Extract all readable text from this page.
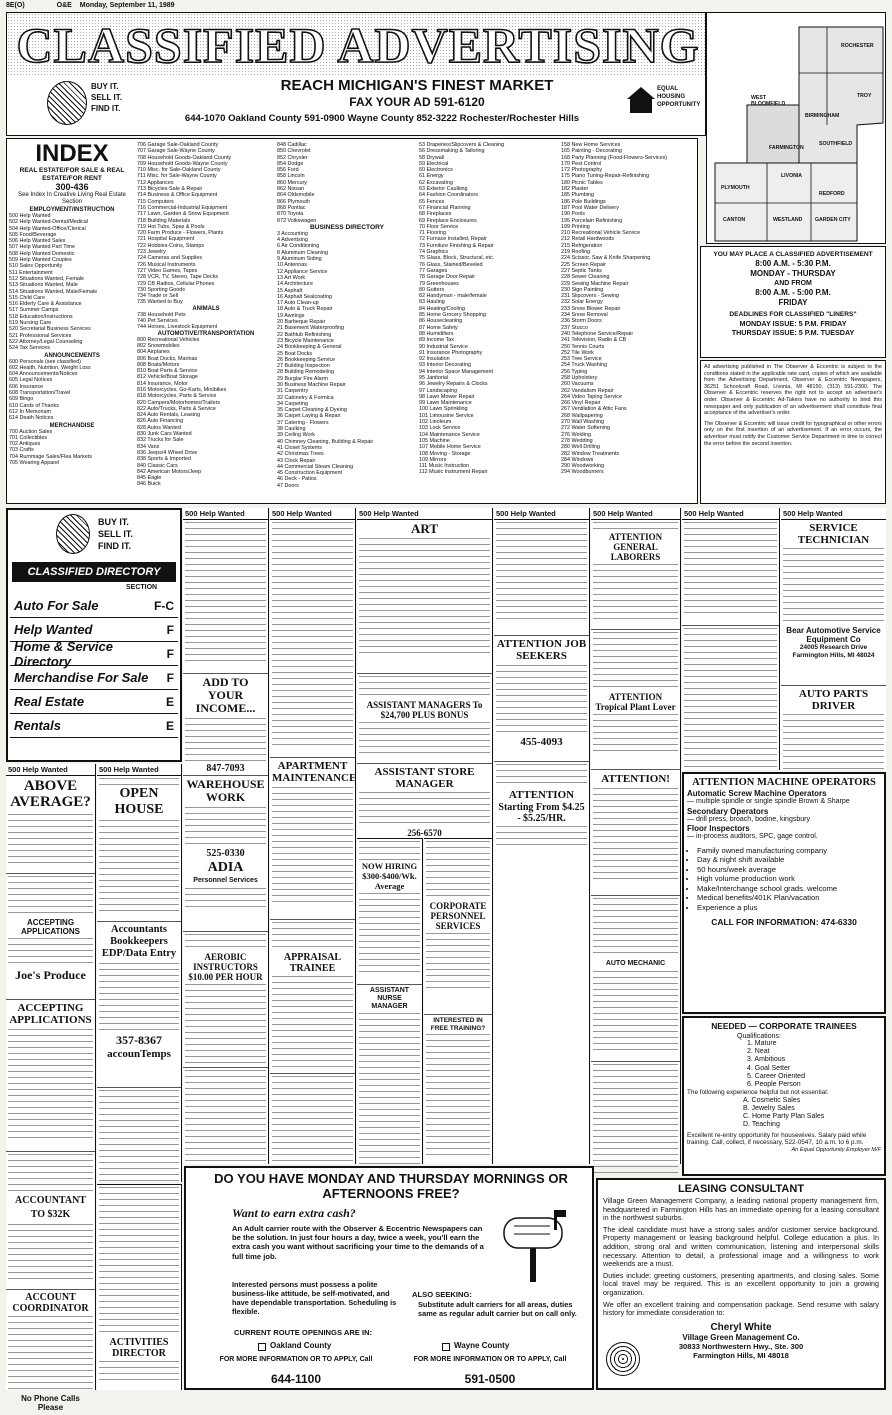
8E(O)	O&E Monday, September 11, 1989
CLASSIFIED ADVERTISING
BUY IT.
SELL IT.
FIND IT.
REACH MICHIGAN'S FINEST MARKET
FAX YOUR AD 591-6120
644-1070 Oakland County 591-0900 Wayne County 852-3222 Rochester/Rochester Hills
EQUAL HOUSING OPPORTUNITY
ROCHESTER
TROY
WEST BLOOMFIELD
BIRMINGHAM
SOUTHFIELD
FARMINGTON
LIVONIA
PLYMOUTH
REDFORD
CANTON	GARDEN CITY
WESTLAND
INDEX
REAL ESTATE/FOR SALE & REAL ESTATE/FOR RENT
300-436
See Index In Creative Living Real Estate Section
EMPLOYMENT/INSTRUCTION
500 Help Wanted
502 Help Wanted-Dental/Medical
504 Help Wanted-Office/Clerical
505 Food/Beverage
506 Help Wanted Sales
507 Help Wanted Part Time
508 Help Wanted Domestic
509 Help Wanted Couples
510 Sales Opportunity
511 Entertainment
512 Situations Wanted, Female
513 Situations Wanted, Male
514 Situations Wanted, Male/Female
515 Child Care
516 Elderly Care & Assistance
517 Summer Camps
518 Education/Instructions
519 Nursing Care
520 Secretarial Business Services
521 Professional Services
522 Attorney/Legal Counseling
524 Tax Services
ANNOUNCEMENTS
600 Personals (see classified)
602 Health, Nutrition, Weight Loss
604 Announcements/Notices
605 Legal Notices
606 Insurance
608 Transportation/Travel
609 Bingo
610 Cards of Thanks
612 In Memoriam
614 Death Notices
MERCHANDISE
700 Auction Sales
701 Collectibles
702 Antiques
703 Crafts
704 Rummage Sales/Flea Markets
705 Wearing Apparel
706 Garage Sale-Oakland County
707 Garage Sale-Wayne County
708 Household Goods-Oakland County
709 Household Goods-Wayne County
710 Misc. for Sale-Oakland County
711 Misc. for Sale-Wayne County
712 Appliances
713 Bicycles-Sale & Repair
714 Business & Office Equipment
715 Computers
716 Commercial-Industrial Equipment
717 Lawn, Garden & Snow Equipment
718 Building Materials
719 Hot Tubs, Spas & Pools
720 Farm Produce - Flowers, Plants
721 Hospital Equipment
722 Hobbies-Coins, Stamps
723 Jewelry
724 Cameras and Supplies
726 Musical Instruments
727 Video Games, Tapes
728 VCR, TV, Stereo, Tape Decks
729 CB Radios, Cellular Phones
730 Sporting Goods
734 Trade or Sell
735 Wanted to Buy
ANIMALS
738 Household Pets
740 Pet Services
744 Horses, Livestock Equipment
AUTOMOTIVE/TRANSPORTATION
800 Recreational Vehicles
802 Snowmobiles
804 Airplanes
806 Boat Docks, Marinas
808 Boats/Motors
810 Boat Parts & Service
812 Vehicle/Boat Storage
814 Insurance, Motor
816 Motorcycles, Go-Karts, Minibikes
818 Motorcycles, Parts & Service
820 Campers/Motorhomes/Trailers
822 Auto/Trucks, Parts & Service
824 Auto Rentals, Leasing
826 Auto Financing
828 Autos Wanted
830 Junk Cars Wanted
832 Trucks for Sale
834 Vans
836 Jeeps/4 Wheel Drive
838 Sports & Imported
840 Classic Cars
842 American Motors/Jeep
845 Eagle
846 Buick
848 Cadillac
850 Chevrolet
852 Chrysler
854 Dodge
856 Ford
858 Lincoln
860 Mercury
862 Nissan
864 Oldsmobile
866 Plymouth
868 Pontiac
870 Toyota
872 Volkswagen
BUSINESS DIRECTORY
3 Accounting
4 Advertising
6 Air Conditioning
8 Aluminum Cleaning
9 Aluminum Siding
10 Antennas
12 Appliance Service
13 Art Work
14 Architecture
15 Asphalt
16 Asphalt Sealcoating
17 Auto Clean-up
18 Auto & Truck Repair
19 Awnings
20 Barbeque Repair
21 Basement Waterproofing
22 Bathtub Refinishing
23 Bicycle Maintenance
24 Bookkeeping & General
25 Boat Docks
26 Bookkeeping Service
27 Building Inspection
28 Building Remodeling
29 Burglar Fire Alarm
30 Business Machine Repair
31 Carpentry
32 Cabinetry & Formica
34 Carpeting
35 Carpet Cleaning & Dyeing
36 Carpet Laying & Repair
37 Catering - Flowers
38 Caulking
39 Ceiling Work
40 Chimney Cleaning, Building & Repair
41 Closet Systems
42 Christmas Trees
43 Clock Repair
44 Commercial Steam Cleaning
45 Construction Equipment
46 Deck - Patios
47 Doors
53 Draperies/Slipcovers & Cleaning
56 Dressmaking & Tailoring
58 Drywall
59 Electrical
60 Electronics
61 Energy
62 Excavating
63 Exterior Caulking
64 Fashion Coordinators
65 Fences
67 Financial Planning
68 Fireplaces
69 Fireplace Enclosures
70 Floor Service
71 Flooring
72 Furnace Installed, Repair
73 Furniture Finishing & Repair
74 Graphics
75 Glass, Block, Structural, etc.
76 Glass, Stained/Beveled
77 Garages
78 Garage Door Repair
79 Greenhouses
80 Gutters
82 Handyman - male/female
83 Hauling
84 Heating/Cooling
85 Home Grocery Shopping
86 Housecleaning
87 Home Safety
88 Humidifiers
89 Income Tax
90 Industrial Service
91 Insurance Photography
92 Insulation
93 Interior Decorating
94 Interior Space Management
95 Janitorial
96 Jewelry Repairs & Clocks
97 Landscaping
98 Lawn Mower Repair
99 Lawn Maintenance
100 Lawn Sprinkling
101 Limousine Service
102 Linoleum
103 Lock Service
104 Maintenance Service
105 Machine
107 Mobile Home Service
108 Moving - Storage
109 Mirrors
111 Music Instruction
112 Music Instrument Repair
158 New Home Services
165 Painting - Decorating
168 Party Planning (Food-Flowers-Services)
170 Pest Control
172 Photography
175 Piano Tuning-Repair-Refinishing
180 Picnic Tables
182 Plaster
185 Plumbing
186 Pole Buildings
187 Pool Water Delivery
190 Pools
195 Porcelain Refinishing
199 Printing
210 Recreational Vehicle Service
212 Retail Hardwoods
215 Refrigeration
219 Roofing
224 Scissor, Saw & Knife Sharpening
225 Screen Repair
227 Septic Tanks
228 Sewer Cleaning
229 Sewing Machine Repair
230 Sign Painting
231 Slipcovers - Sewing
232 Solar Energy
233 Snow Blower Repair
234 Snow Removal
236 Storm Doors
237 Stucco
240 Telephone Service/Repair
241 Television, Radio & CB
250 Tennis Courts
252 Tile Work
253 Tree Service
254 Truck Washing
256 Typing
258 Upholstery
260 Vacuums
262 Vandalism Repair
264 Video Taping Service
266 Vinyl Repair
267 Ventilation & Attic Fans
268 Wallpapering
270 Wall Washing
272 Water Softening
276 Welding
278 Wedding
280 Well Drilling
282 Window Treatments
284 Windows
290 Woodworking
294 Woodburners
YOU MAY PLACE A CLASSIFIED ADVERTISEMENT
8:00 A.M. - 5:30 P.M.
MONDAY - THURSDAY
AND FROM
8:00 A.M. - 5:00 P.M.
FRIDAY
DEADLINES FOR CLASSIFIED "LINERS"
MONDAY ISSUE: 5 P.M. FRIDAY
THURSDAY ISSUE: 5 P.M. TUESDAY
All advertising published in The Observer & Eccentric is subject to the conditions stated in the applicable rate card, copies of which are available from the Advertising Department, Observer & Eccentric Newspapers, 36251 Schoolcraft Road, Livonia, MI 48150, (313) 591-2300. The Observer & Eccentric reserves the right not to accept an advertiser's order. Observer & Eccentric Ad-Takers have no authority to bind this newspaper and only publication of an advertisement shall constitute final acceptance of the advertiser's order.
The Observer & Eccentric will issue credit for typographical or other errors only on the first insertion of an advertisement. If an error occurs, the advertiser must notify the Customer Service Department in time to correct the error before the second insertion.
BUY IT.
SELL IT.
FIND IT.
CLASSIFIED DIRECTORY
SECTION
Auto For Sale	F-C
Help Wanted	F
Home & Service Directory	F
Merchandise For Sale F
Real Estate	E
Rentals	E
500 Help Wanted
ABOVE AVERAGE?
ACCEPTING APPLICATIONS
Joe's Produce
ACCEPTING APPLICATIONS
ACCOUNTANT
TO $32K
ACCOUNT COORDINATOR
No Phone Calls Please
500 Help Wanted
OPEN HOUSE
Accountants Bookkeepers EDP/Data Entry
357-8367
accounTemps
ACTIVITIES DIRECTOR
500 Help Wanted
ADD TO YOUR INCOME...
847-7093
WAREHOUSE WORK
525-0330
ADIA
Personnel Services
AEROBIC INSTRUCTORS $10.00 PER HOUR
500 Help Wanted
APARTMENT MAINTENANCE
APPRAISAL TRAINEE
500 Help Wanted
ART
ASSISTANT MANAGERS To $24,700 PLUS BONUS
ASSISTANT STORE MANAGER
256-6570
NOW HIRING $300-$400/Wk. Average
ASSISTANT NURSE MANAGER
CORPORATE PERSONNEL SERVICES
INTERESTED IN FREE TRAINING?
500 Help Wanted
ATTENTION JOB SEEKERS
455-4093
ATTENTION
Starting From $4.25 - $5.25/HR.
500 Help Wanted
ATTENTION GENERAL LABORERS
ATTENTION Tropical Plant Lover
ATTENTION!
AUTO MECHANIC
500 Help Wanted	500 Help Wanted
SERVICE TECHNICIAN
Bear Automotive Service Equipment Co
24005 Research Drive Farmington Hills, MI 48024
AUTO PARTS DRIVER
ATTENTION MACHINE OPERATORS
Automatic Screw Machine Operators
— multiple spindle or single spindle Brown & Sharpe
Secondary Operators
— drill press, broach, bodine, kingsbury
Floor Inspectors
— in-process auditors, SPC, gage control.
• Family owned manufacturing company
• Day & night shift available
• 50 hours/week average
• High volume production work
• Make/Interchange school grads. welcome
• Medical benefits/401K Plan/vacation
• Experience a plus
CALL FOR INFORMATION: 474-6330
NEEDED — CORPORATE TRAINEES
Qualifications:
1. Mature
2. Neat
3. Ambitious
4. Goal Setter
5. Career Oriented
6. People Person
The following experience helpful but not essential:
A. Cosmetic Sales
B. Jewelry Sales
C. Home Party Plan Sales
D. Teaching
Excellent re-entry opportunity for housewives. Salary paid while training. Call, collect, if necessary, 522-0547, 10 a.m. to 6 p.m.
An Equal Opportunity Employer M/F
LEASING CONSULTANT
Village Green Management Company, a leading national property management firm, headquartered in Farmington Hills has an immediate opening for a leasing consultant in the northwest suburbs.
The ideal candidate must have a strong sales and/or customer service background. Property management or leasing background helpful. College education a plus. In addition, strong oral and written communication, listening and interpersonal skills necessary. Attention to detail, a professional image and a willingness to work weekends are a must.
Duties include: greeting customers, presenting apartments, and closing sales. Some local travel may be required. This is an excellent opportunity to join a growing organization.
We offer an excellent training and compensation package. Send resume with salary history for immediate consideration to:
Cheryl White
Village Green Management Co.
30833 Northwestern Hwy., Ste. 300
Farmington Hills, MI 48018
DO YOU HAVE MONDAY AND THURSDAY MORNINGS OR AFTERNOONS FREE?
Want to earn extra cash?
An Adult carrier route with the Observer & Eccentric Newspapers can be the solution. In just four hours a day, twice a week, you'll earn the extra cash you want without sacrificing your time to the demands of a full time job.
Interested persons must possess a polite business-like attitude, be self-motivated, and have dependable transportation. Scheduling is flexible.
ALSO SEEKING:
Substitute adult carriers for all areas, duties same as regular adult carrier but on call only.
CURRENT ROUTE OPENINGS ARE IN:
Oakland County	Wayne County
FOR MORE INFORMATION OR TO APPLY, Call
644-1100
FOR MORE INFORMATION OR TO APPLY, Call
591-0500
